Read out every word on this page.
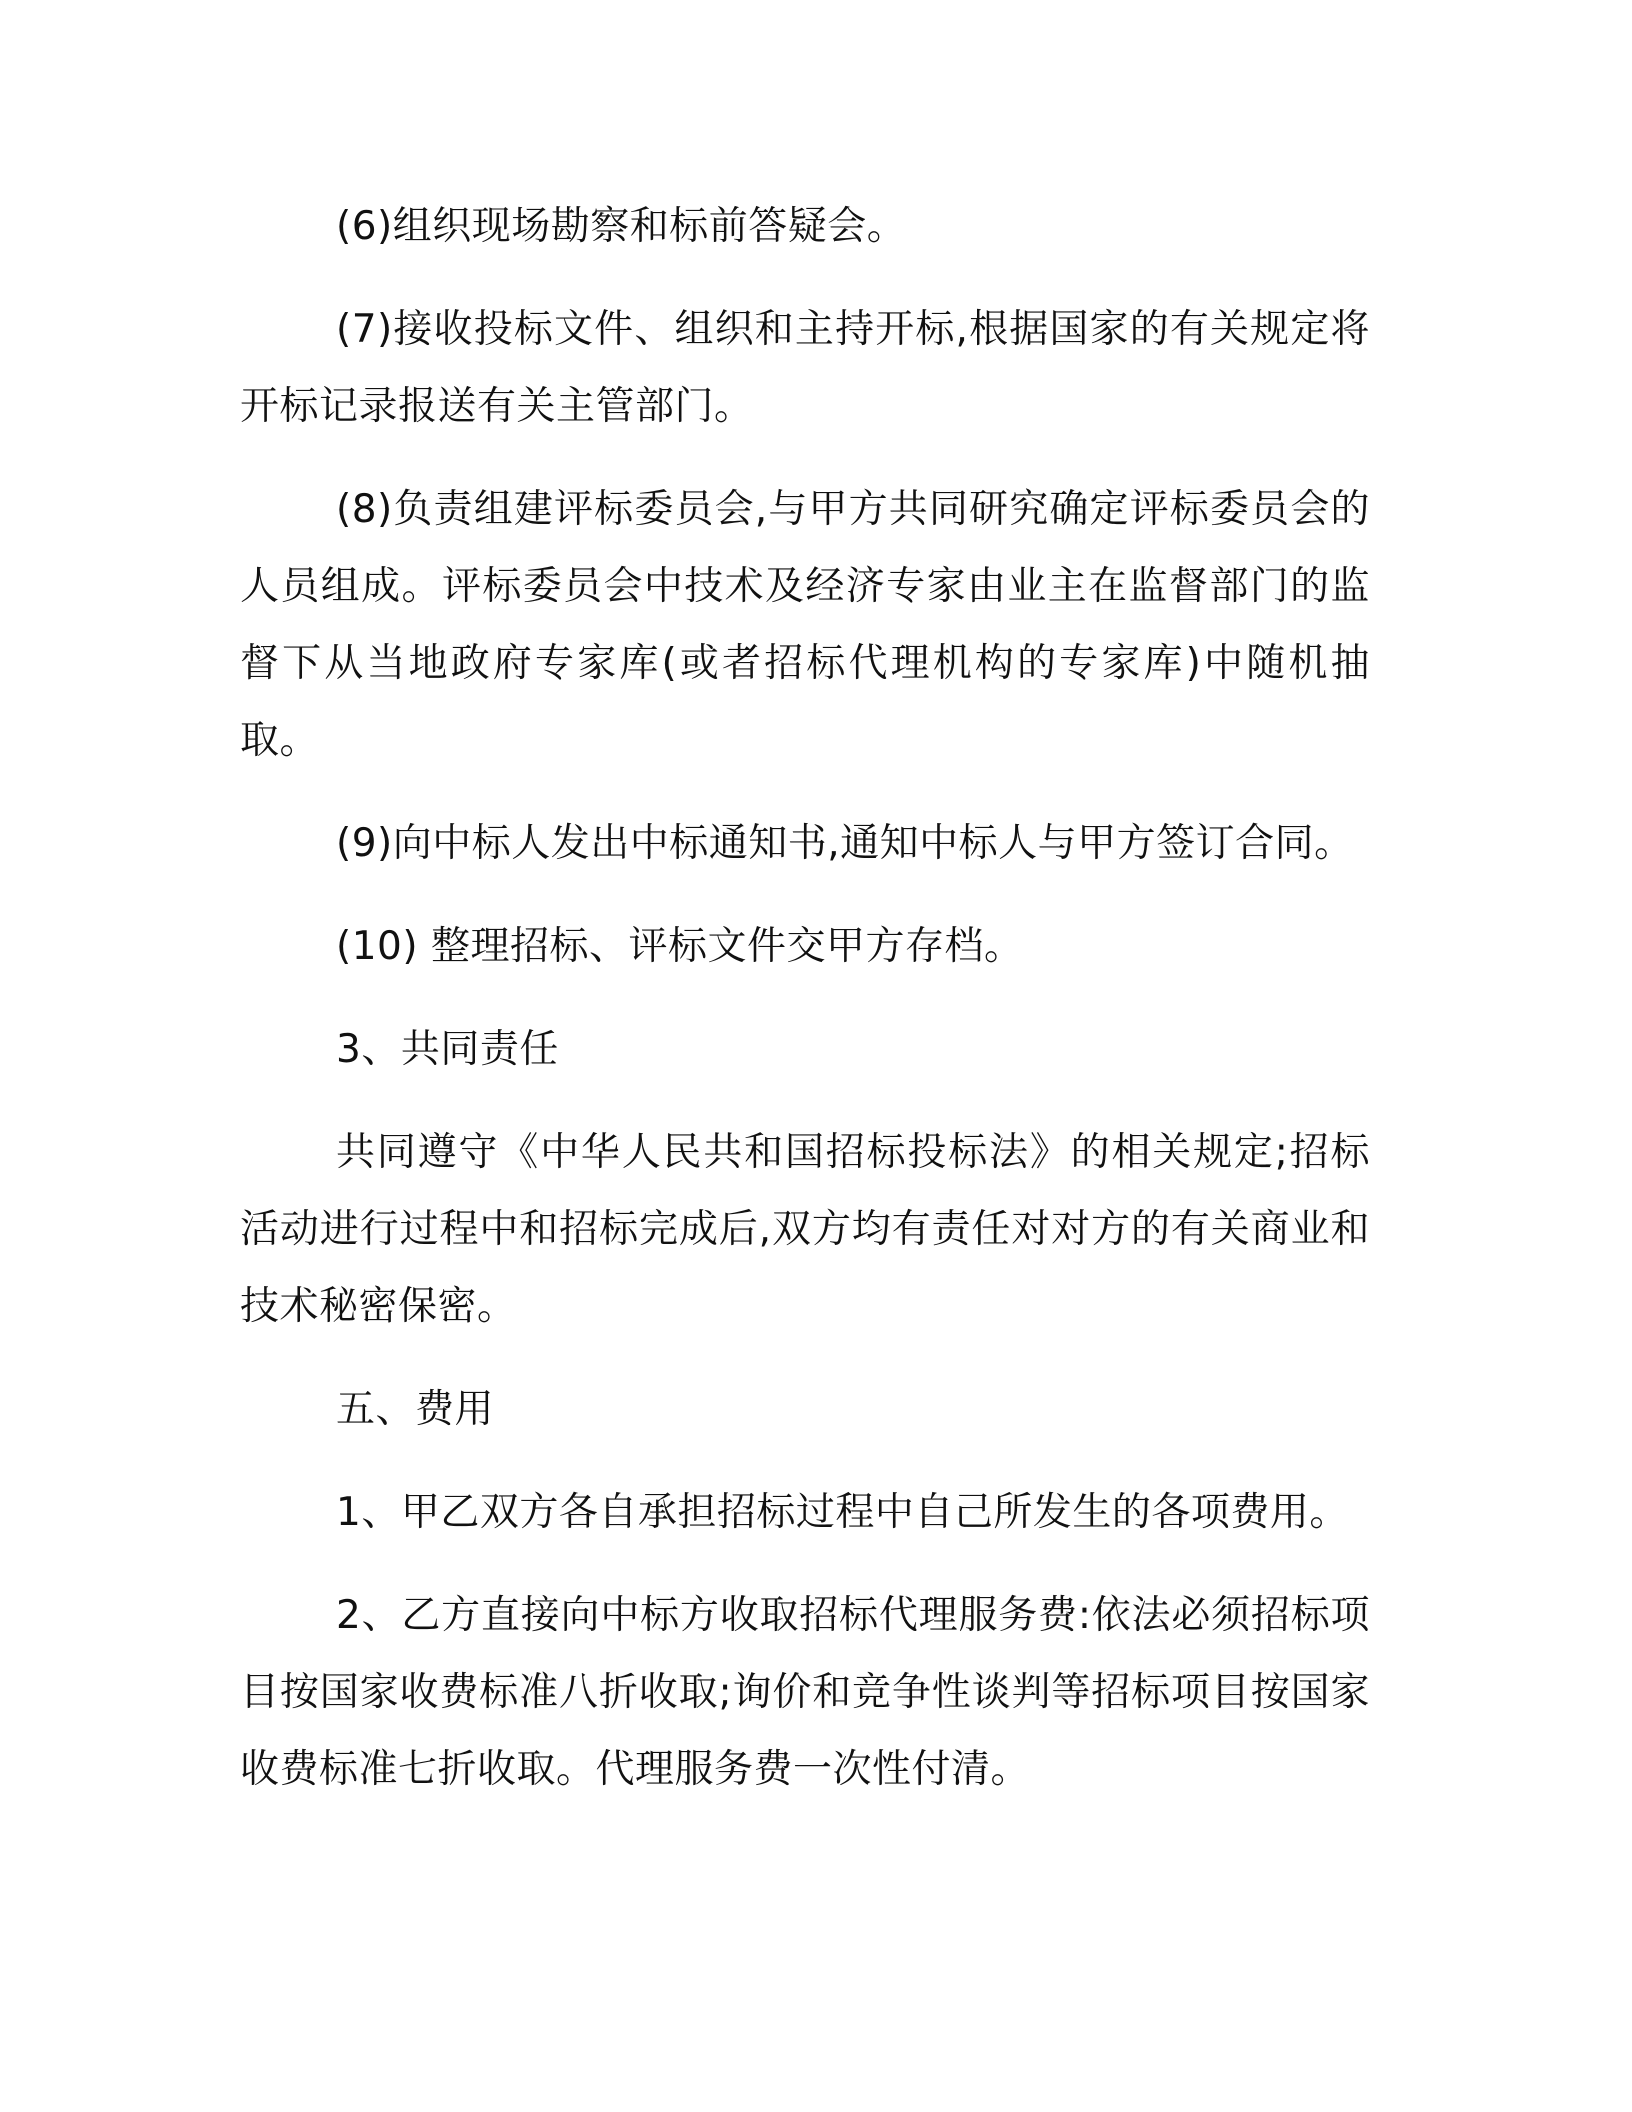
(6)组织现场勘察和标前答疑会。

(7)接收投标文件、组织和主持开标,根据国家的有关规定将开标记录报送有关主管部门。

(8)负责组建评标委员会,与甲方共同研究确定评标委员会的人员组成。评标委员会中技术及经济专家由业主在监督部门的监督下从当地政府专家库(或者招标代理机构的专家库)中随机抽取。

(9)向中标人发出中标通知书,通知中标人与甲方签订合同。

(10) 整理招标、评标文件交甲方存档。

3、共同责任

共同遵守《中华人民共和国招标投标法》的相关规定;招标活动进行过程中和招标完成后,双方均有责任对对方的有关商业和技术秘密保密。

五、费用

1、甲乙双方各自承担招标过程中自己所发生的各项费用。

2、乙方直接向中标方收取招标代理服务费:依法必须招标项目按国家收费标准八折收取;询价和竞争性谈判等招标项目按国家收费标准七折收取。代理服务费一次性付清。
